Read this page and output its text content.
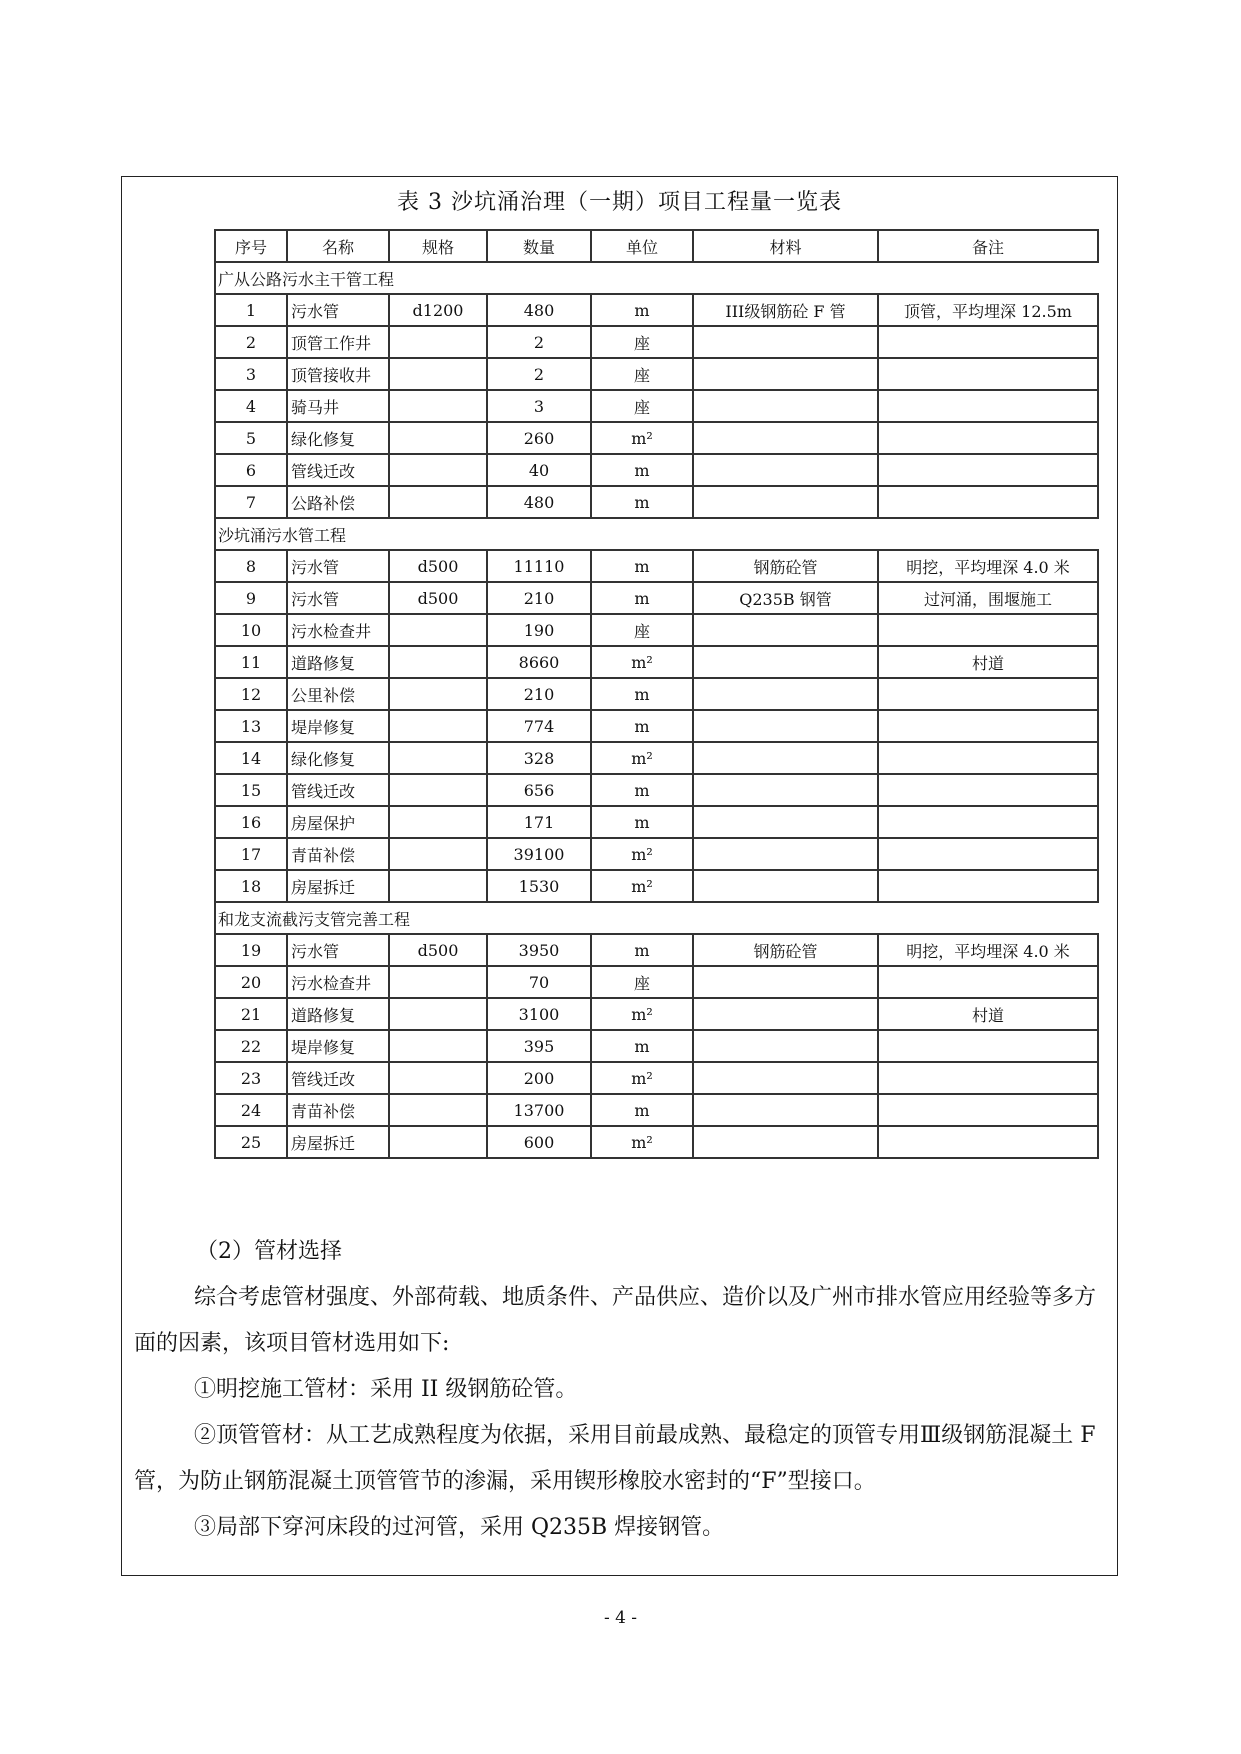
表 3 沙坑涌治理（一期）项目工程量一览表
序号	名称	规格	数量	单位	材料	备注
广从公路污水主干管工程						
1	污水管	d1200	480	m	III级钢筋砼 F 管	顶管，平均埋深 12.5m
2	顶管工作井		2	座		
3	顶管接收井		2	座		
4	骑马井		3	座		
5	绿化修复		260	m²		
6	管线迁改		40	m		
7	公路补偿		480	m		
沙坑涌污水管工程						
8	污水管	d500	11110	m	钢筋砼管	明挖，平均埋深 4.0 米
9	污水管	d500	210	m	Q235B 钢管	过河涌，围堰施工
10	污水检查井		190	座		
11	道路修复		8660	m²		村道
12	公里补偿		210	m		
13	堤岸修复		774	m		
14	绿化修复		328	m²		
15	管线迁改		656	m		
16	房屋保护		171	m		
17	青苗补偿		39100	m²		
18	房屋拆迁		1530	m²		
和龙支流截污支管完善工程						
19	污水管	d500	3950	m	钢筋砼管	明挖，平均埋深 4.0 米
20	污水检查井		70	座		
21	道路修复		3100	m²		村道
22	堤岸修复		395	m		
23	管线迁改		200	m²		
24	青苗补偿		13700	m		
25	房屋拆迁		600	m²		

（2）管材选择

综合考虑管材强度、外部荷载、地质条件、产品供应、造价以及广州市排水管应用经验等多方面的因素，该项目管材选用如下:

①明挖施工管材：采用 II 级钢筋砼管。

②顶管管材：从工艺成熟程度为依据，采用目前最成熟、最稳定的顶管专用Ⅲ级钢筋混凝土 F 管，为防止钢筋混凝土顶管管节的渗漏，采用锲形橡胶水密封的“F”型接口。

③局部下穿河床段的过河管，采用 Q235B 焊接钢管。

- 4 -
